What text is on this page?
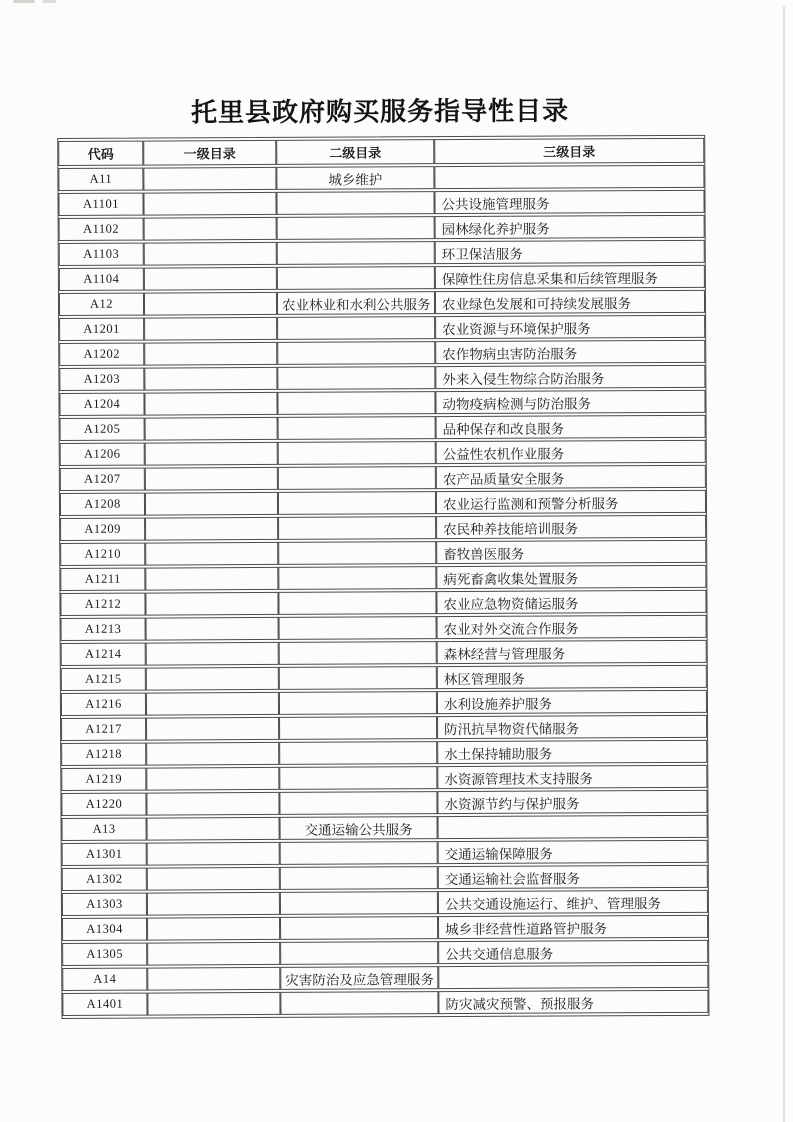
托里县政府购买服务指导性目录
代码	一级目录	二级目录	三级目录
A11		城乡维护	
A1101			公共设施管理服务
A1102			园林绿化养护服务
A1103			环卫保洁服务
A1104			保障性住房信息采集和后续管理服务
A12		农业林业和水利公共服务	农业绿色发展和可持续发展服务
A1201			农业资源与环境保护服务
A1202			农作物病虫害防治服务
A1203			外来入侵生物综合防治服务
A1204			动物疫病检测与防治服务
A1205			品种保存和改良服务
A1206			公益性农机作业服务
A1207			农产品质量安全服务
A1208			农业运行监测和预警分析服务
A1209			农民种养技能培训服务
A1210			畜牧兽医服务
A1211			病死畜禽收集处置服务
A1212			农业应急物资储运服务
A1213			农业对外交流合作服务
A1214			森林经营与管理服务
A1215			林区管理服务
A1216			水利设施养护服务
A1217			防汛抗旱物资代储服务
A1218			水土保持辅助服务
A1219			水资源管理技术支持服务
A1220			水资源节约与保护服务
A13		交通运输公共服务	
A1301			交通运输保障服务
A1302			交通运输社会监督服务
A1303			公共交通设施运行、维护、管理服务
A1304			城乡非经营性道路管护服务
A1305			公共交通信息服务
A14		灾害防治及应急管理服务	
A1401			防灾减灾预警、预报服务
